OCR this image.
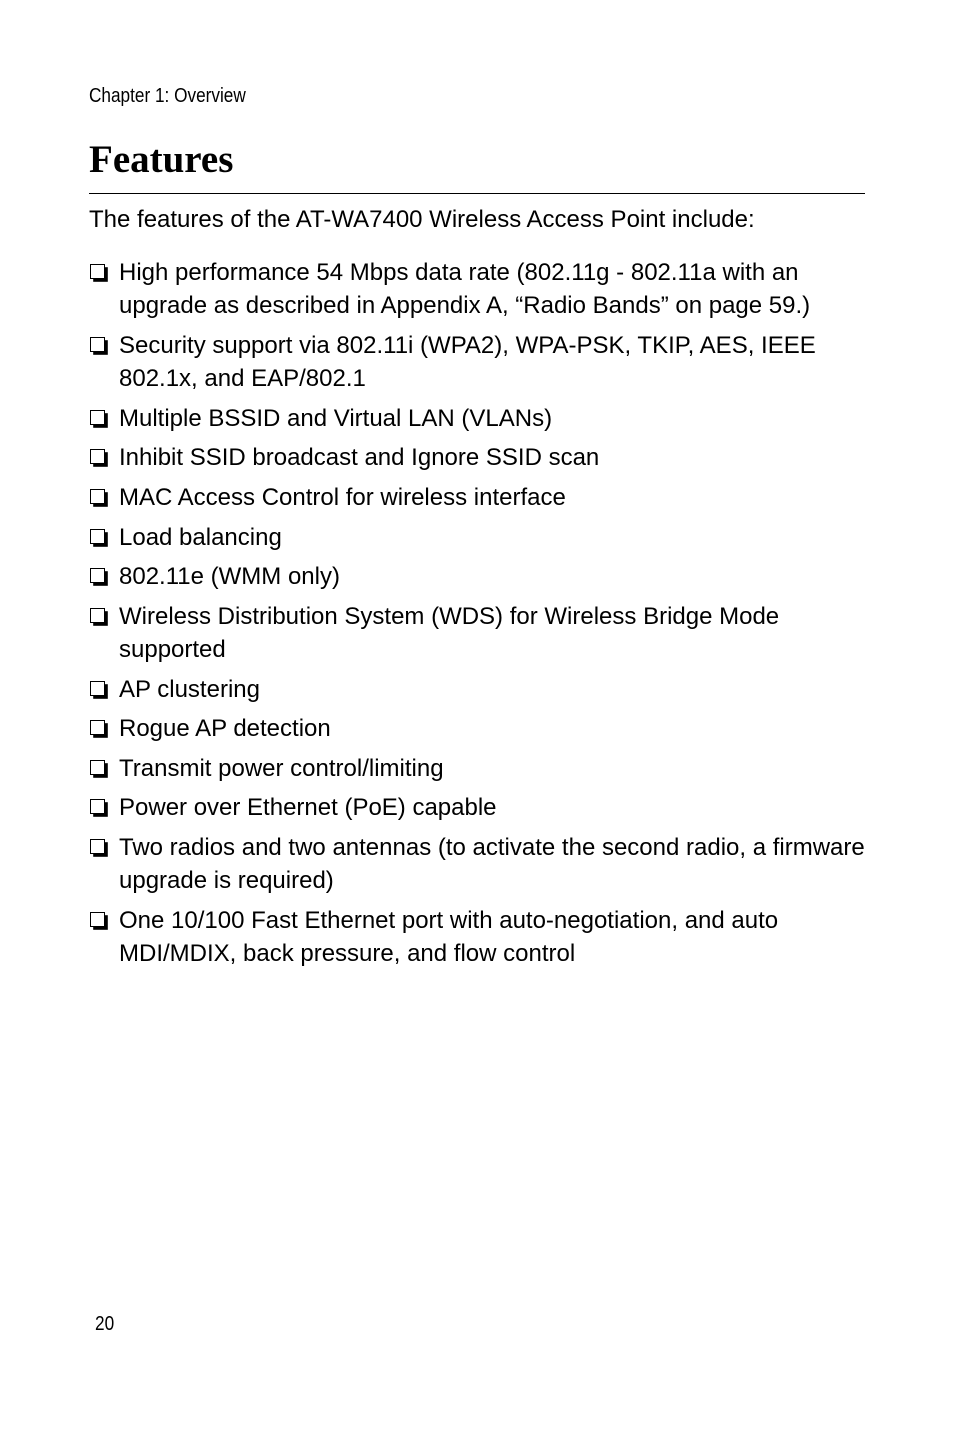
Chapter 1: Overview
Features

The features of the AT-WA7400 Wireless Access Point include:

High performance 54 Mbps data rate (802.11g - 802.11a with an upgrade as described in Appendix A, “Radio Bands” on page 59.)
Security support via 802.11i (WPA2), WPA-PSK, TKIP, AES, IEEE 802.1x, and EAP/802.1
Multiple BSSID and Virtual LAN (VLANs)
Inhibit SSID broadcast and Ignore SSID scan
MAC Access Control for wireless interface
Load balancing
802.11e (WMM only)
Wireless Distribution System (WDS) for Wireless Bridge Mode supported
AP clustering
Rogue AP detection
Transmit power control/limiting
Power over Ethernet (PoE) capable
Two radios and two antennas (to activate the second radio, a firmware upgrade is required)
One 10/100 Fast Ethernet port with auto-negotiation, and auto MDI/MDIX, back pressure, and flow control
20
